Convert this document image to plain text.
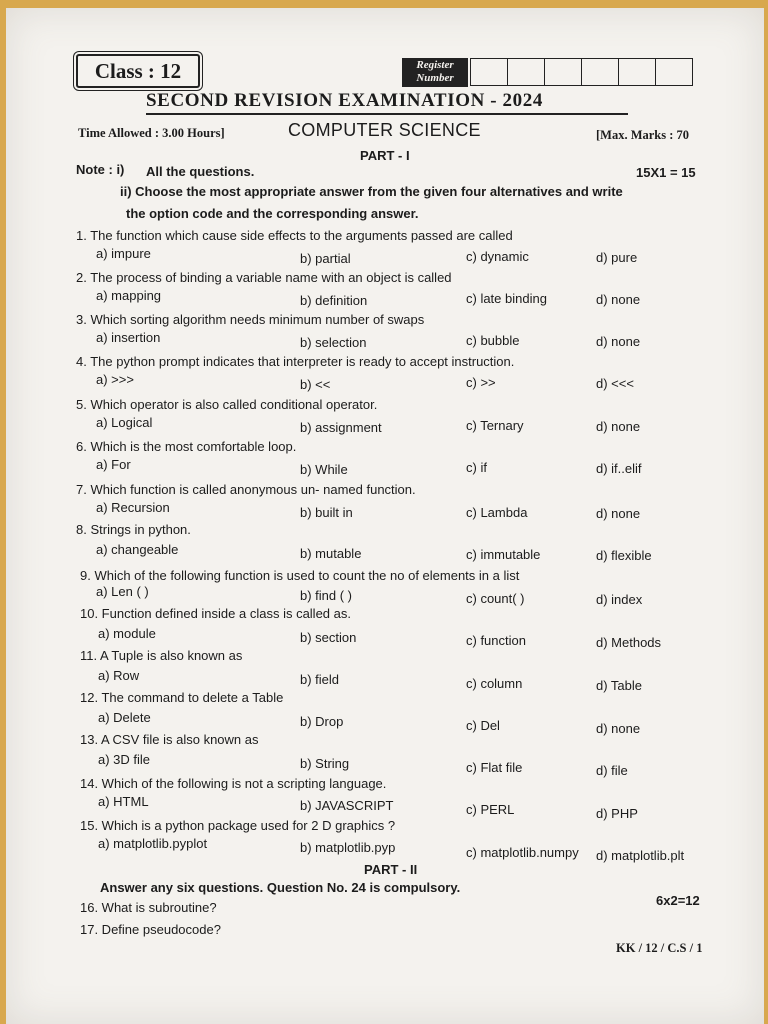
Class : 12	Register
Number
SECOND REVISION EXAMINATION - 2024
Time Allowed : 3.00 Hours]	COMPUTER SCIENCE	[Max. Marks : 70
PART - I
Note : i) All the questions.	15X1 = 15
ii) Choose the most appropriate answer from the given four alternatives and write
the option code and the corresponding answer.
1. The function which cause side effects to the arguments passed are called
a) impure	b) partial	c) dynamic	d) pure
2. The process of binding a variable name with an object is called
a) mapping	b) definition	c) late binding	d) none
3. Which sorting algorithm needs minimum number of swaps
a) insertion	b) selection	c) bubble	d) none
4. The python prompt indicates that interpreter is ready to accept instruction.
a) >>>	b) <<	c) >>	d) <<<
5. Which operator is also called conditional operator.
a) Logical	b) assignment	c) Ternary	d) none
6. Which is the most comfortable loop.
a) For	b) While	c) if	d) if..elif
7. Which function is called anonymous un- named function.
a) Recursion	b) built in	c) Lambda	d) none
8. Strings in python.
a) changeable	b) mutable	c) immutable	d) flexible
9. Which of the following function is used to count the no of elements in a list
a) Len ( )	b) find ( )	c) count( )	d) index
10. Function defined inside a class is called as.
a) module	b) section	c) function	d) Methods
11. A Tuple is also known as
a) Row	b) field	c) column	d) Table
12. The command to delete a Table
a) Delete	b) Drop	c) Del	d) none
13. A CSV file is also known as
a) 3D file	b) String	c) Flat file	d) file
14. Which of the following is not a scripting language.
a) HTML	b) JAVASCRIPT	c) PERL	d) PHP
15. Which is a python package used for 2 D graphics ?
a) matplotlib.pyplot	b) matplotlib.pyp	c) matplotlib.numpy d) matplotlib.plt
PART - II
Answer any six questions. Question No. 24 is compulsory.
6x2=12
16. What is subroutine?
17. Define pseudocode?
KK / 12 / C.S / 1
